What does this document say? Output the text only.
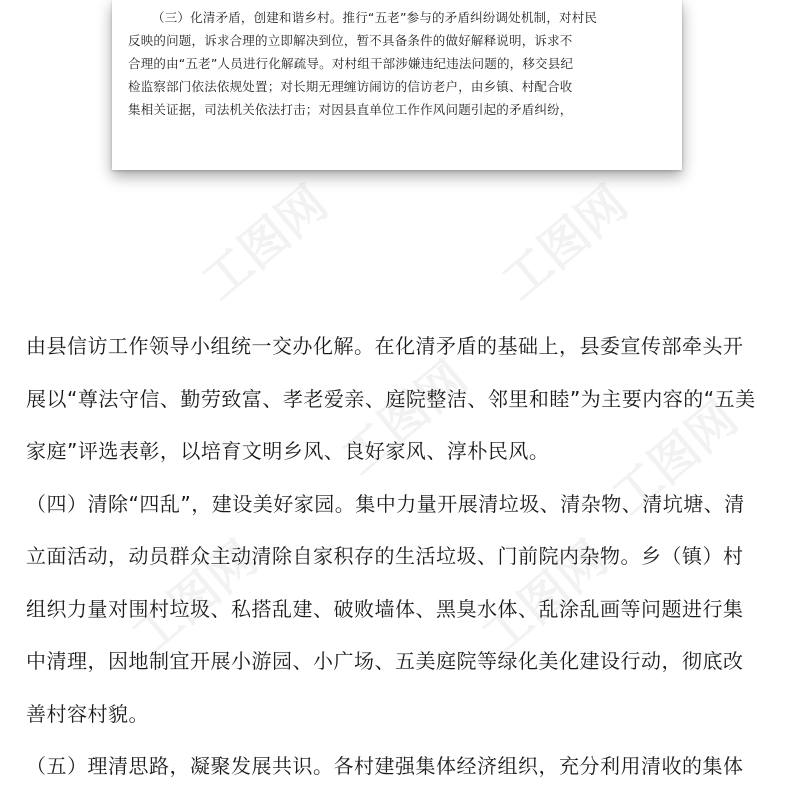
（三）化清矛盾，创建和谐乡村。推行“五老”参与的矛盾纠纷调处机制，对村民
反映的问题，诉求合理的立即解决到位，暂不具备条件的做好解释说明，诉求不
合理的由“五老”人员进行化解疏导。对村组干部涉嫌违纪违法问题的，移交县纪
检监察部门依法依规处置；对长期无理缠访闹访的信访老户，由乡镇、村配合收
集相关证据，司法机关依法打击；对因县直单位工作作风问题引起的矛盾纠纷，
工图网	工图网
工图网	工图网
工图网	工图网
由县信访工作领导小组统一交办化解。在化清矛盾的基础上，县委宣传部牵头开
展以“尊法守信、勤劳致富、孝老爱亲、庭院整洁、邻里和睦”为主要内容的“五美
家庭”评选表彰，以培育文明乡风、良好家风、淳朴民风。
（四）清除“四乱”，建设美好家园。集中力量开展清垃圾、清杂物、清坑塘、清
立面活动，动员群众主动清除自家积存的生活垃圾、门前院内杂物。乡（镇）村
组织力量对围村垃圾、私搭乱建、破败墙体、黑臭水体、乱涂乱画等问题进行集
中清理，因地制宜开展小游园、小广场、五美庭院等绿化美化建设行动，彻底改
善村容村貌。
（五）理清思路，凝聚发展共识。各村建强集体经济组织，充分利用清收的集体
